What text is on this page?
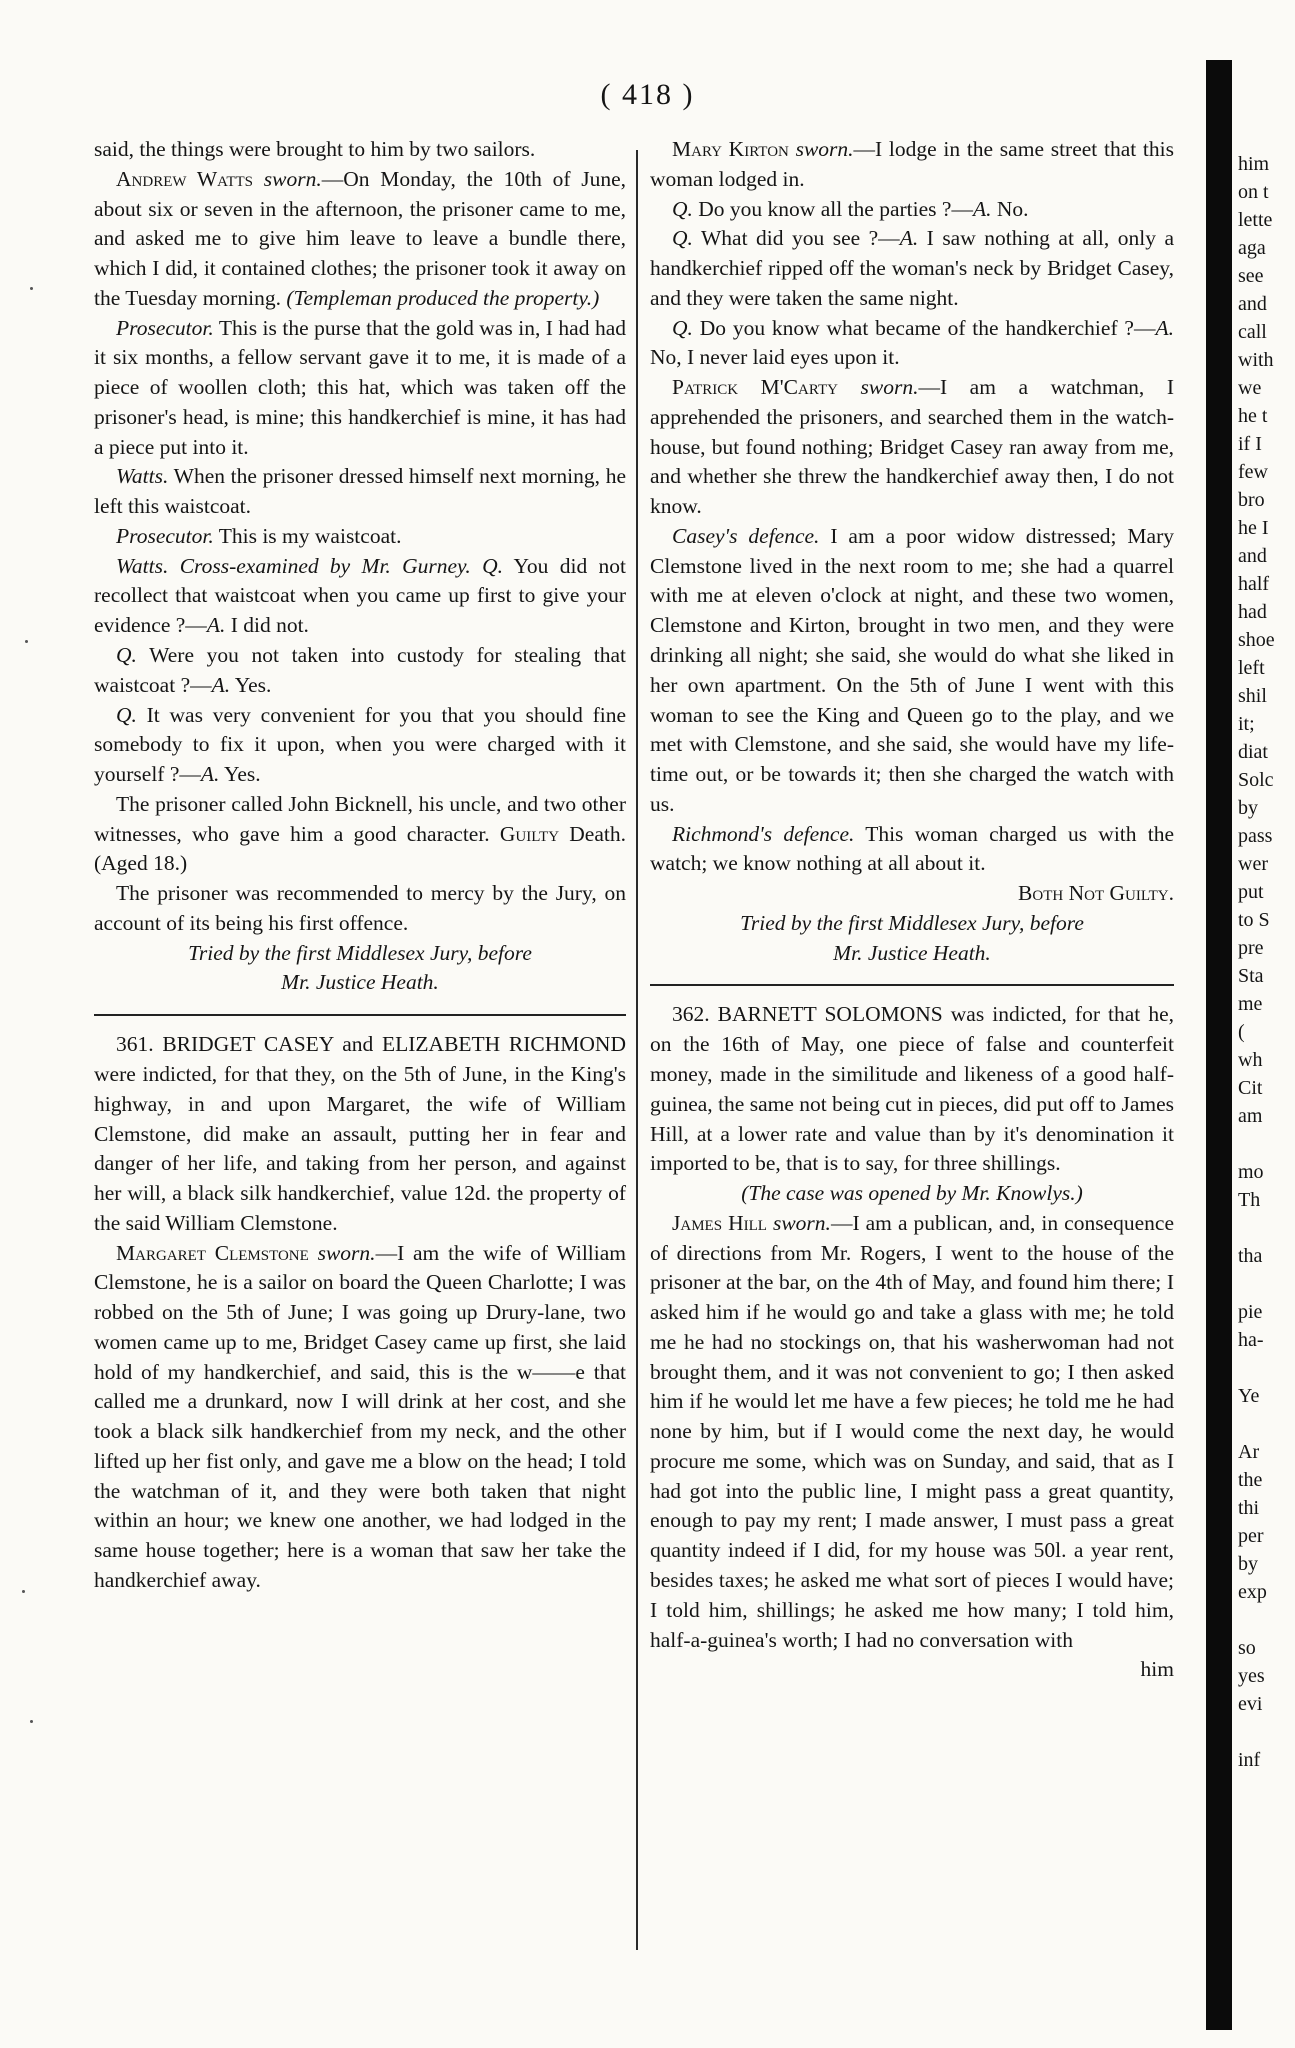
( 418 )

said, the things were brought to him by two sailors.

Andrew Watts sworn.—On Monday, the 10th of June, about six or seven in the afternoon, the prisoner came to me, and asked me to give him leave to leave a bundle there, which I did, it contained clothes; the prisoner took it away on the Tuesday morning. (Templeman produced the property.)

Prosecutor. This is the purse that the gold was in, I had had it six months, a fellow servant gave it to me, it is made of a piece of woollen cloth; this hat, which was taken off the prisoner's head, is mine; this handkerchief is mine, it has had a piece put into it.

Watts. When the prisoner dressed himself next morning, he left this waistcoat.

Prosecutor. This is my waistcoat.

Watts. Cross-examined by Mr. Gurney. Q. You did not recollect that waistcoat when you came up first to give your evidence ?—A. I did not.

Q. Were you not taken into custody for stealing that waistcoat ?—A. Yes.

Q. It was very convenient for you that you should fine somebody to fix it upon, when you were charged with it yourself ?—A. Yes.

The prisoner called John Bicknell, his uncle, and two other witnesses, who gave him a good character. Guilty Death. (Aged 18.)

The prisoner was recommended to mercy by the Jury, on account of its being his first offence.

Tried by the first Middlesex Jury, before

Mr. Justice Heath.

361. BRIDGET CASEY and ELIZABETH RICHMOND were indicted, for that they, on the 5th of June, in the King's highway, in and upon Margaret, the wife of William Clemstone, did make an assault, putting her in fear and danger of her life, and taking from her person, and against her will, a black silk handkerchief, value 12d. the property of the said William Clemstone.

Margaret Clemstone sworn.—I am the wife of William Clemstone, he is a sailor on board the Queen Charlotte; I was robbed on the 5th of June; I was going up Drury-lane, two women came up to me, Bridget Casey came up first, she laid hold of my handkerchief, and said, this is the w——e that called me a drunkard, now I will drink at her cost, and she took a black silk handkerchief from my neck, and the other lifted up her fist only, and gave me a blow on the head; I told the watchman of it, and they were both taken that night within an hour; we knew one another, we had lodged in the same house together; here is a woman that saw her take the handkerchief away.

Mary Kirton sworn.—I lodge in the same street that this woman lodged in.

Q. Do you know all the parties ?—A. No.

Q. What did you see ?—A. I saw nothing at all, only a handkerchief ripped off the woman's neck by Bridget Casey, and they were taken the same night.

Q. Do you know what became of the handkerchief ?—A. No, I never laid eyes upon it.

Patrick M'Carty sworn.—I am a watchman, I apprehended the prisoners, and searched them in the watch-house, but found nothing; Bridget Casey ran away from me, and whether she threw the handkerchief away then, I do not know.

Casey's defence. I am a poor widow distressed; Mary Clemstone lived in the next room to me; she had a quarrel with me at eleven o'clock at night, and these two women, Clemstone and Kirton, brought in two men, and they were drinking all night; she said, she would do what she liked in her own apartment. On the 5th of June I went with this woman to see the King and Queen go to the play, and we met with Clemstone, and she said, she would have my life-time out, or be towards it; then she charged the watch with us.

Richmond's defence. This woman charged us with the watch; we know nothing at all about it.

Both Not Guilty.

Tried by the first Middlesex Jury, before

Mr. Justice Heath.

362. BARNETT SOLOMONS was indicted, for that he, on the 16th of May, one piece of false and counterfeit money, made in the similitude and likeness of a good half-guinea, the same not being cut in pieces, did put off to James Hill, at a lower rate and value than by it's denomination it imported to be, that is to say, for three shillings.

(The case was opened by Mr. Knowlys.)

James Hill sworn.—I am a publican, and, in consequence of directions from Mr. Rogers, I went to the house of the prisoner at the bar, on the 4th of May, and found him there; I asked him if he would go and take a glass with me; he told me he had no stockings on, that his washerwoman had not brought them, and it was not convenient to go; I then asked him if he would let me have a few pieces; he told me he had none by him, but if I would come the next day, he would procure me some, which was on Sunday, and said, that as I had got into the public line, I might pass a great quantity, enough to pay my rent; I made answer, I must pass a great quantity indeed if I did, for my house was 50l. a year rent, besides taxes; he asked me what sort of pieces I would have; I told him, shillings; he asked me how many; I told him, half-a-guinea's worth; I had no conversation with

him

him
on t
lette
aga
see
and
call
with
we
he t
if I
few
bro
he I
and
half
had
shoe
left
shil
it;
diat
Solc
by
pass
wer
put
to S
pre
Sta
me
(
wh
Cit
am

mo
Th

tha

pie
ha-

Ye

Ar
the
thi
per
by
exp

so
yes
evi

inf
